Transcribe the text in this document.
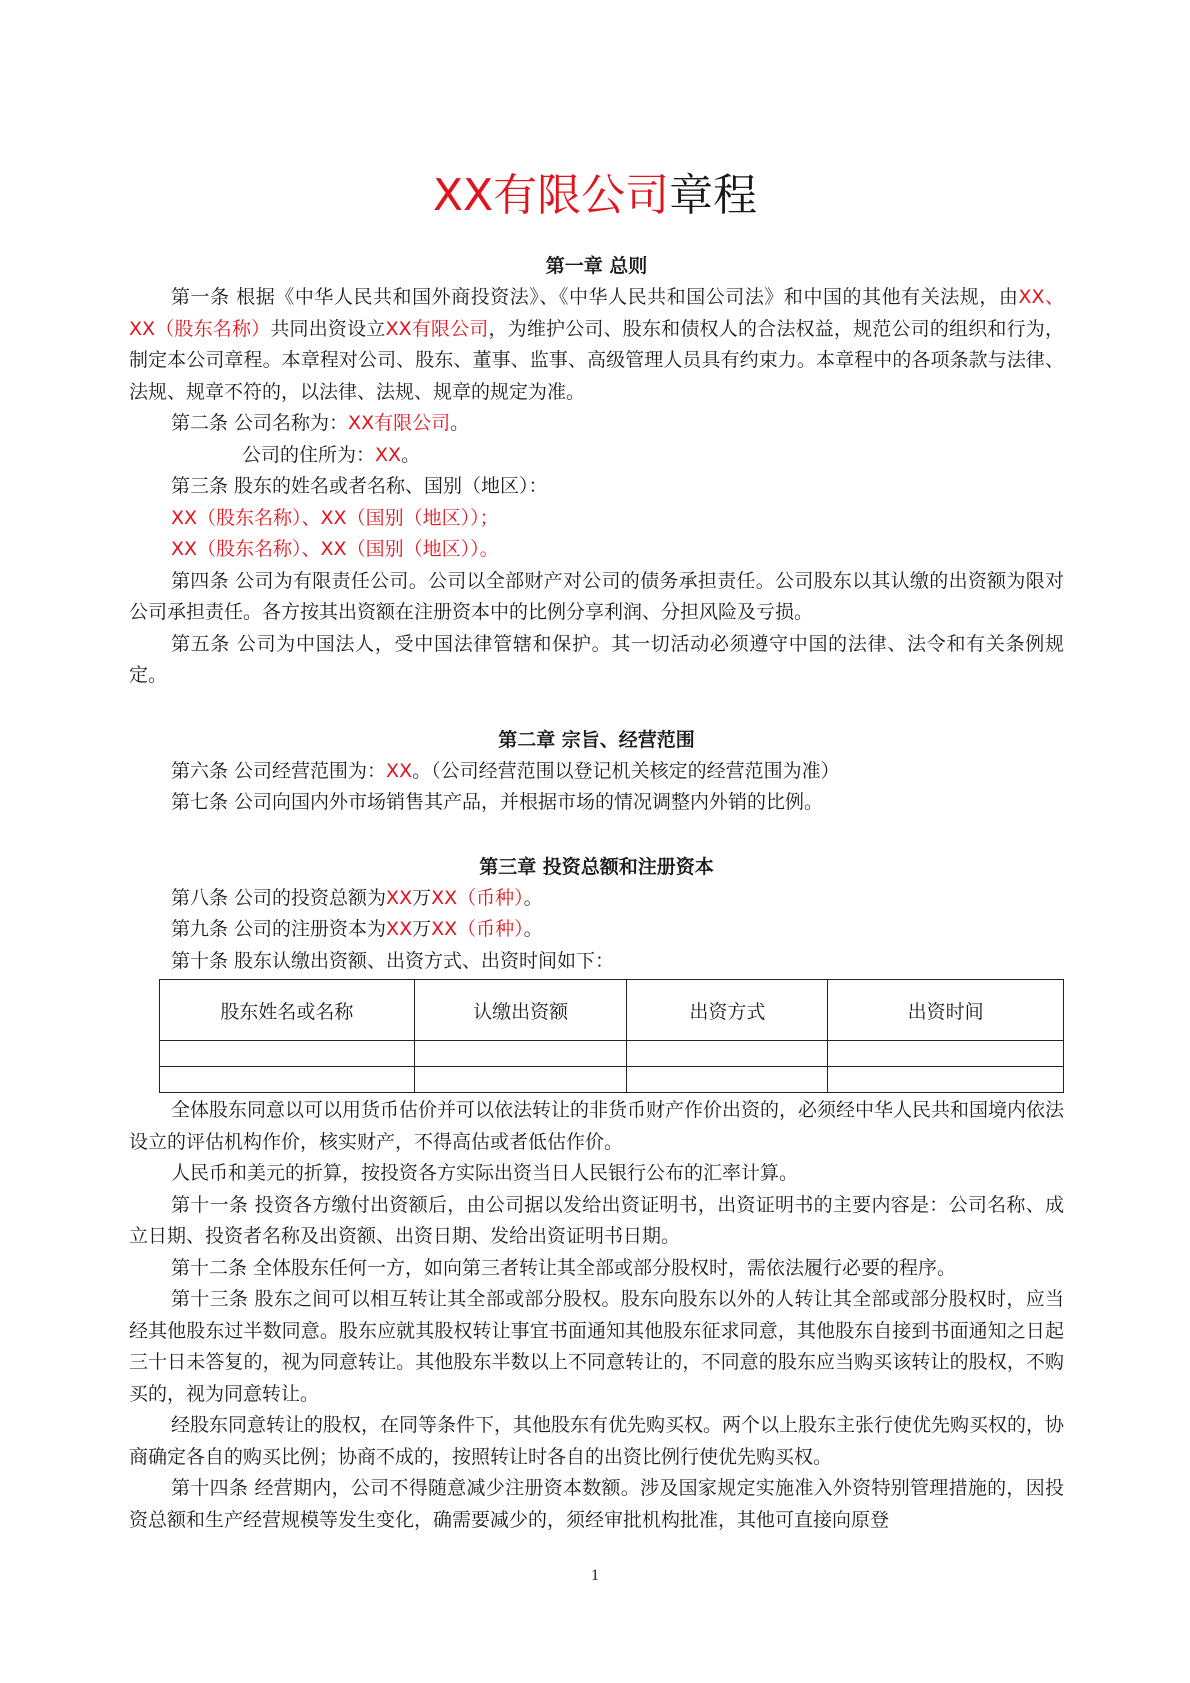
XX有限公司章程
第一章 总则

第一条 根据《中华人民共和国外商投资法》、《中华人民共和国公司法》和中国的其他有关法规，由XX、XX（股东名称）共同出资设立XX有限公司，为维护公司、股东和债权人的合法权益，规范公司的组织和行为，制定本公司章程。本章程对公司、股东、董事、监事、高级管理人员具有约束力。本章程中的各项条款与法律、法规、规章不符的，以法律、法规、规章的规定为准。

第二条 公司名称为：XX有限公司。

公司的住所为：XX。

第三条 股东的姓名或者名称、国别（地区）：

XX（股东名称）、XX（国别（地区））；

XX（股东名称）、XX（国别（地区））。

第四条 公司为有限责任公司。公司以全部财产对公司的债务承担责任。公司股东以其认缴的出资额为限对公司承担责任。各方按其出资额在注册资本中的比例分享利润、分担风险及亏损。

第五条 公司为中国法人，受中国法律管辖和保护。其一切活动必须遵守中国的法律、法令和有关条例规定。

第二章 宗旨、经营范围

第六条 公司经营范围为：XX。（公司经营范围以登记机关核定的经营范围为准）

第七条 公司向国内外市场销售其产品，并根据市场的情况调整内外销的比例。

第三章 投资总额和注册资本

第八条 公司的投资总额为XX万XX（币种）。

第九条 公司的注册资本为XX万XX（币种）。

第十条 股东认缴出资额、出资方式、出资时间如下：

股东姓名或名称	认缴出资额	出资方式	出资时间

全体股东同意以可以用货币估价并可以依法转让的非货币财产作价出资的，必须经中华人民共和国境内依法设立的评估机构作价，核实财产，不得高估或者低估作价。

人民币和美元的折算，按投资各方实际出资当日人民银行公布的汇率计算。

第十一条 投资各方缴付出资额后，由公司据以发给出资证明书，出资证明书的主要内容是：公司名称、成立日期、投资者名称及出资额、出资日期、发给出资证明书日期。

第十二条 全体股东任何一方，如向第三者转让其全部或部分股权时，需依法履行必要的程序。

第十三条 股东之间可以相互转让其全部或部分股权。股东向股东以外的人转让其全部或部分股权时，应当经其他股东过半数同意。股东应就其股权转让事宜书面通知其他股东征求同意，其他股东自接到书面通知之日起三十日未答复的，视为同意转让。其他股东半数以上不同意转让的，不同意的股东应当购买该转让的股权，不购买的，视为同意转让。

经股东同意转让的股权，在同等条件下，其他股东有优先购买权。两个以上股东主张行使优先购买权的，协商确定各自的购买比例；协商不成的，按照转让时各自的出资比例行使优先购买权。

第十四条 经营期内，公司不得随意减少注册资本数额。涉及国家规定实施准入外资特别管理措施的，因投资总额和生产经营规模等发生变化，确需要减少的，须经审批机构批准，其他可直接向原登

1
